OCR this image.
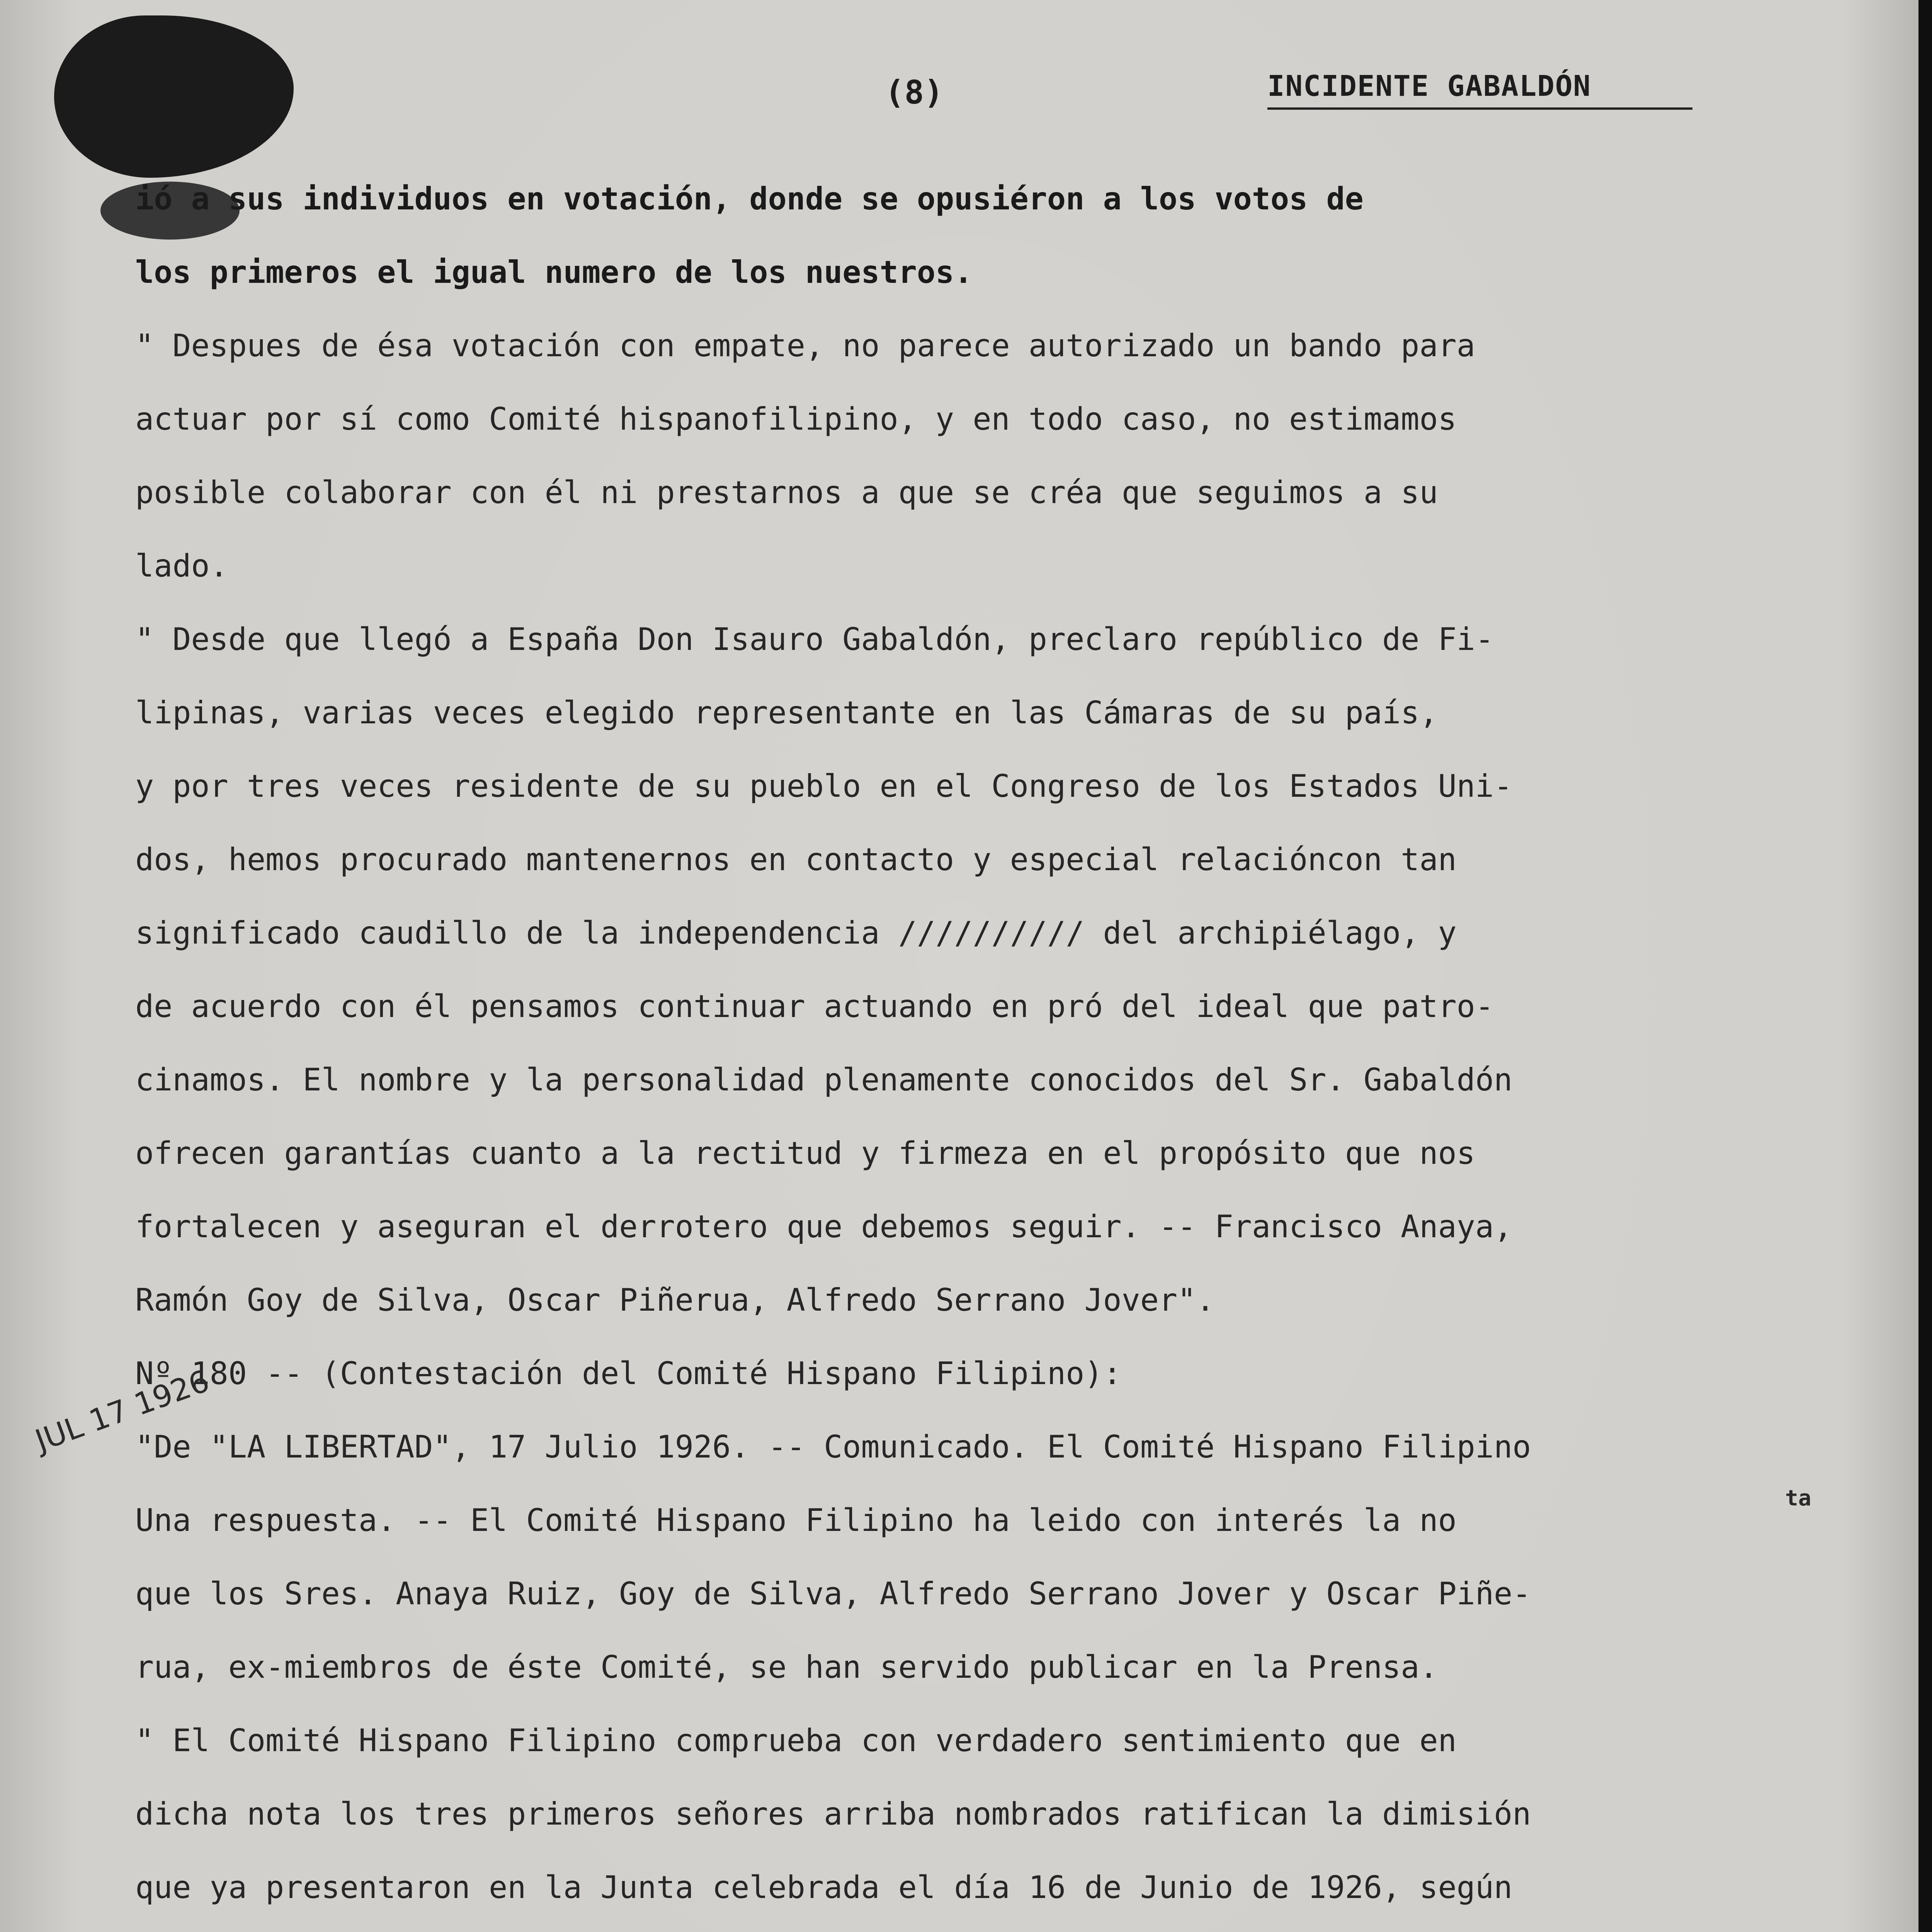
(8)	INCIDENTE GABALDÓN
ió a sus individuos en votación, donde se opusiéron a los votos de
los primeros el igual numero de los nuestros.
" Despues de ésa votación con empate, no parece autorizado un bando para
actuar por sí como Comité hispanofilipino, y en todo caso, no estimamos
posible colaborar con él ni prestarnos a que se créa que seguimos a su
lado.
" Desde que llegó a España Don Isauro Gabaldón, preclaro repúblico de Fi-
lipinas, varias veces elegido representante en las Cámaras de su país,
y por tres veces residente de su pueblo en el Congreso de los Estados Uni-
dos, hemos procurado mantenernos en contacto y especial relacióncon tan
significado caudillo de la independencia ////////// del archipiélago, y
de acuerdo con él pensamos continuar actuando en pró del ideal que patro-
cinamos. El nombre y la personalidad plenamente conocidos del Sr. Gabaldón
ofrecen garantías cuanto a la rectitud y firmeza en el propósito que nos
fortalecen y aseguran el derrotero que debemos seguir. -- Francisco Anaya,
Ramón Goy de Silva, Oscar Piñerua, Alfredo Serrano Jover".
Nº 180 -- (Contestación del Comité Hispano Filipino):
"De "LA LIBERTAD", 17 Julio 1926. -- Comunicado. El Comité Hispano Filipino
Una respuesta. -- El Comité Hispano Filipino ha leido con interés la no
que los Sres. Anaya Ruiz, Goy de Silva, Alfredo Serrano Jover y Oscar Piñe-
rua, ex-miembros de éste Comité, se han servido publicar en la Prensa.
" El Comité Hispano Filipino comprueba con verdadero sentimiento que en
dicha nota los tres primeros señores arriba nombrados ratifican la dimisión
que ya presentaron en la Junta celebrada el día 16 de Junio de 1926, según
JUL 17 1926
ta
